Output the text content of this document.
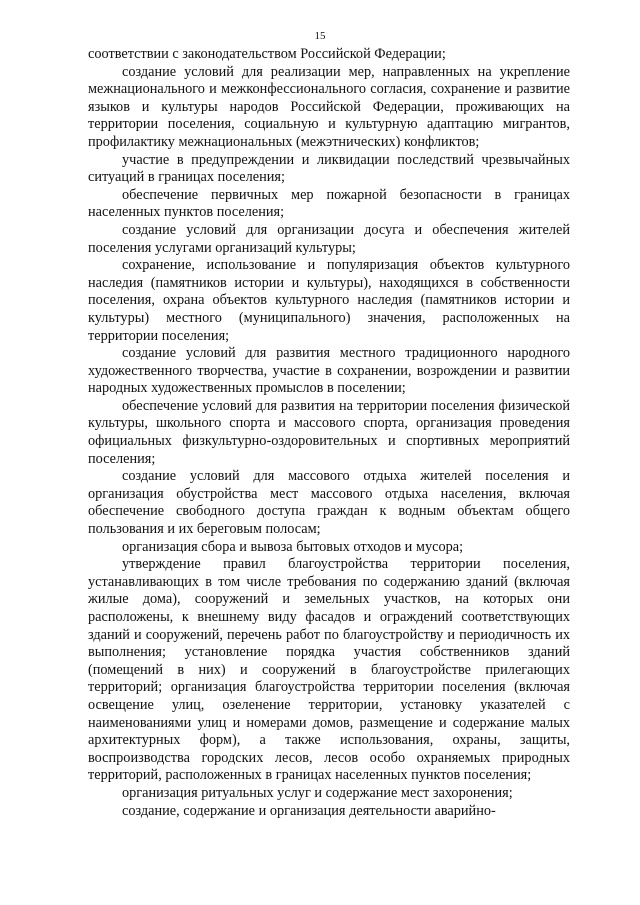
15

соответствии с законодательством Российской Федерации;

создание условий для реализации мер, направленных на укрепление межнационального и межконфессионального согласия, сохранение и развитие языков и культуры народов Российской Федерации, проживающих на территории поселения, социальную и культурную адаптацию мигрантов, профилактику межнациональных (межэтнических) конфликтов;

участие в предупреждении и ликвидации последствий чрезвычайных ситуаций в границах поселения;

обеспечение первичных мер пожарной безопасности в границах населенных пунктов поселения;

создание условий для организации досуга и обеспечения жителей поселения услугами организаций культуры;

сохранение, использование и популяризация объектов культурного наследия (памятников истории и культуры), находящихся в собственности поселения, охрана объектов культурного наследия (памятников истории и культуры) местного (муниципального) значения, расположенных на территории поселения;

создание условий для развития местного традиционного народного художественного творчества, участие в сохранении, возрождении и развитии народных художественных промыслов в поселении;

обеспечение условий для развития на территории поселения физической культуры, школьного спорта и массового спорта, организация проведения официальных физкультурно-оздоровительных и спортивных мероприятий поселения;

создание условий для массового отдыха жителей поселения и организация обустройства мест массового отдыха населения, включая обеспечение свободного доступа граждан к водным объектам общего пользования и их береговым полосам;

организация сбора и вывоза бытовых отходов и мусора;

утверждение правил благоустройства территории поселения, устанавливающих в том числе требования по содержанию зданий (включая жилые дома), сооружений и земельных участков, на которых они расположены, к внешнему виду фасадов и ограждений соответствующих зданий и сооружений, перечень работ по благоустройству и периодичность их выполнения; установление порядка участия собственников зданий (помещений в них) и сооружений в благоустройстве прилегающих территорий; организация благоустройства территории поселения (включая освещение улиц, озеленение территории, установку указателей с наименованиями улиц и номерами домов, размещение и содержание малых архитектурных форм), а также использования, охраны, защиты, воспроизводства городских лесов, лесов особо охраняемых природных территорий, расположенных в границах населенных пунктов поселения;

организация ритуальных услуг и содержание мест захоронения;

создание, содержание и организация деятельности аварийно-
